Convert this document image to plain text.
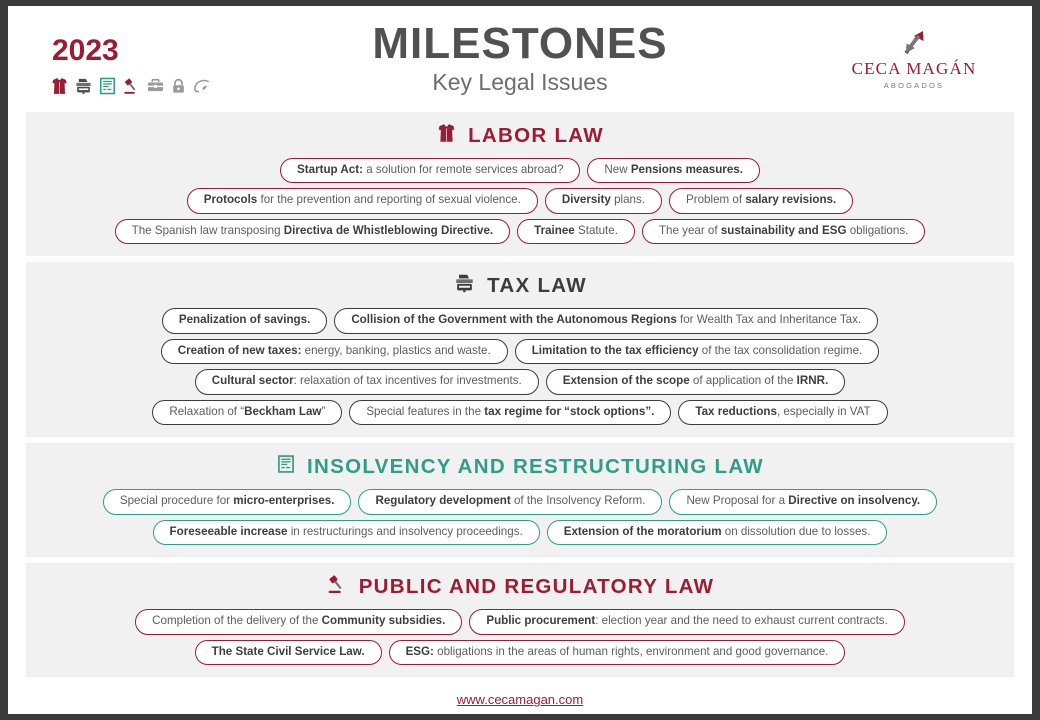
2023	MILESTONES
Key Legal Issues
CECA MAGÁN
ABOGADOS
LABOR LAW
Startup Act: a solution for remote services abroad?	New Pensions measures.
Protocols for the prevention and reporting of sexual violence.	Diversity plans.	Problem of salary revisions.
The Spanish law transposing Directiva de Whistleblowing Directive.	Trainee Statute.	The year of sustainability and ESG obligations.
TAX LAW
Penalization of savings.	Collision of the Government with the Autonomous Regions for Wealth Tax and Inheritance Tax.
Creation of new taxes: energy, banking, plastics and waste.	Limitation to the tax efficiency of the tax consolidation regime.
Cultural sector: relaxation of tax incentives for investments.	Extension of the scope of application of the IRNR.
Relaxation of “Beckham Law”	Special features in the tax regime for “stock options”.	Tax reductions, especially in VAT
INSOLVENCY AND RESTRUCTURING LAW
Special procedure for micro-enterprises.	Regulatory development of the Insolvency Reform.	New Proposal for a Directive on insolvency.
Foreseeable increase in restructurings and insolvency proceedings.	Extension of the moratorium on dissolution due to losses.
PUBLIC AND REGULATORY LAW
Completion of the delivery of the Community subsidies.	Public procurement: election year and the need to exhaust current contracts.
The State Civil Service Law.	ESG: obligations in the areas of human rights, environment and good governance.
www.cecamagan.com
